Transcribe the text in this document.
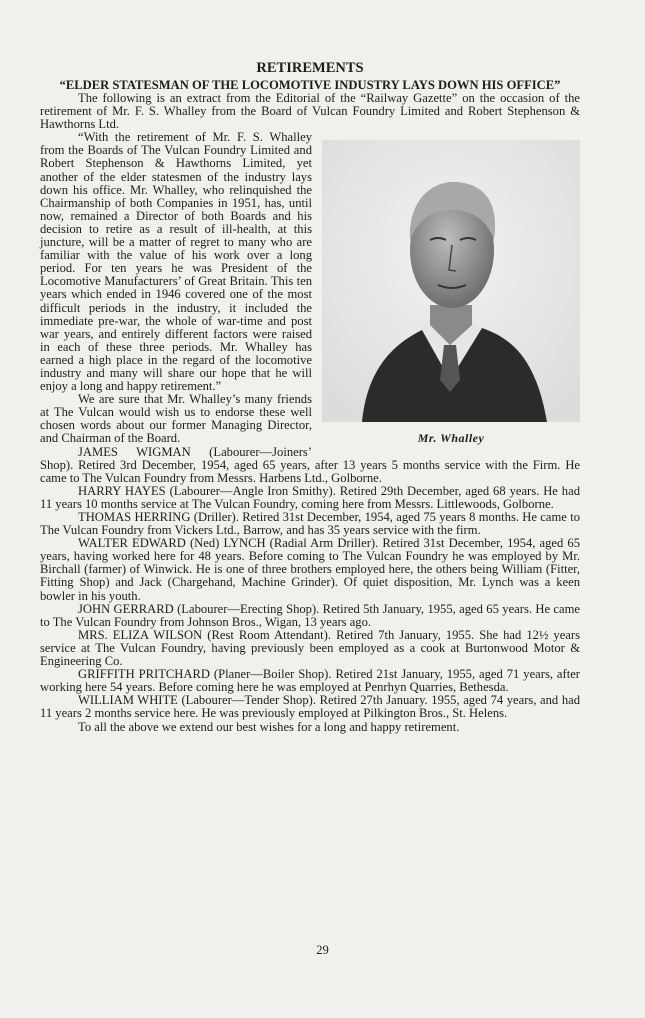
RETIREMENTS
“ELDER STATESMAN OF THE LOCOMOTIVE INDUSTRY LAYS DOWN HIS OFFICE”

The following is an extract from the Editorial of the “Railway Gazette” on the occasion of the retirement of Mr. F. S. Whalley from the Board of Vulcan Foundry Limited and Robert Stephenson & Hawthorns Ltd.

Mr. Whalley

“With the retirement of Mr. F. S. Whalley from the Boards of The Vulcan Foundry Limited and Robert Stephenson & Hawthorns Limited, yet another of the elder statesmen of the industry lays down his office. Mr. Whalley, who relinquished the Chairmanship of both Companies in 1951, has, until now, remained a Director of both Boards and his decision to retire as a result of ill-health, at this juncture, will be a matter of regret to many who are familiar with the value of his work over a long period. For ten years he was President of the Locomotive Manufacturers’ of Great Britain. This ten years which ended in 1946 covered one of the most difficult periods in the industry, it included the immediate pre-war, the whole of war-time and post war years, and entirely different factors were raised in each of these three periods. Mr. Whalley has earned a high place in the regard of the locomotive industry and many will share our hope that he will enjoy a long and happy retirement.”

We are sure that Mr. Whalley’s many friends at The Vulcan would wish us to endorse these well chosen words about our former Managing Director, and Chairman of the Board.

JAMES WIGMAN (Labourer—Joiners’ Shop). Retired 3rd December, 1954, aged 65 years, after 13 years 5 months service with the Firm. He came to The Vulcan Foundry from Messrs. Harbens Ltd., Golborne.

HARRY HAYES (Labourer—Angle Iron Smithy). Retired 29th December, aged 68 years. He had 11 years 10 months service at The Vulcan Foundry, coming here from Messrs. Littlewoods, Golborne.

THOMAS HERRING (Driller). Retired 31st December, 1954, aged 75 years 8 months. He came to The Vulcan Foundry from Vickers Ltd., Barrow, and has 35 years service with the firm.

WALTER EDWARD (Ned) LYNCH (Radial Arm Driller). Retired 31st December, 1954, aged 65 years, having worked here for 48 years. Before coming to The Vulcan Foundry he was employed by Mr. Birchall (farmer) of Winwick. He is one of three brothers employed here, the others being William (Fitter, Fitting Shop) and Jack (Chargehand, Machine Grinder). Of quiet disposition, Mr. Lynch was a keen bowler in his youth.

JOHN GERRARD (Labourer—Erecting Shop). Retired 5th January, 1955, aged 65 years. He came to The Vulcan Foundry from Johnson Bros., Wigan, 13 years ago.

MRS. ELIZA WILSON (Rest Room Attendant). Retired 7th January, 1955. She had 12½ years service at The Vulcan Foundry, having previously been employed as a cook at Burtonwood Motor & Engineering Co.

GRIFFITH PRITCHARD (Planer—Boiler Shop). Retired 21st January, 1955, aged 71 years, after working here 54 years. Before coming here he was employed at Penrhyn Quarries, Bethesda.

WILLIAM WHITE (Labourer—Tender Shop). Retired 27th January. 1955, aged 74 years, and had 11 years 2 months service here. He was previously employed at Pilkington Bros., St. Helens.

To all the above we extend our best wishes for a long and happy retirement.

29
